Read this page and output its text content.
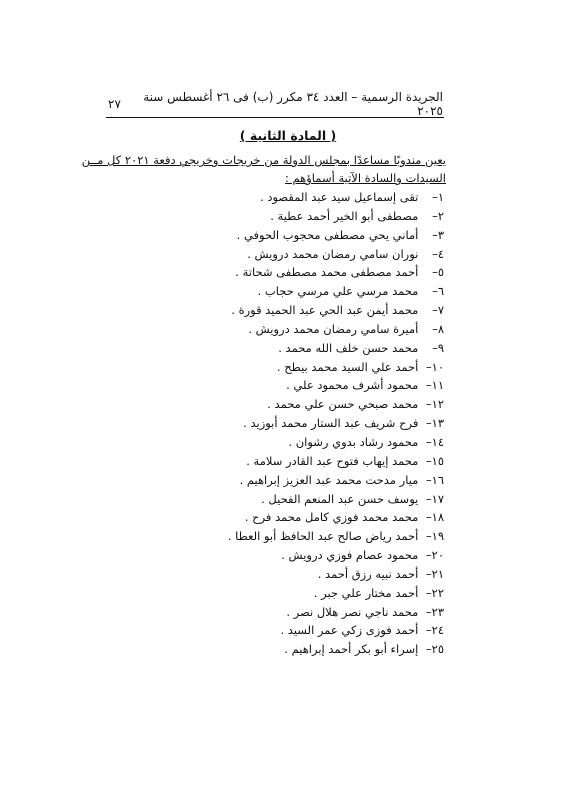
الجريدة الرسمية – العدد ٣٤ مكرر (ب) فى ٢٦ أغسطس سنة ٢٠٢٥
٢٧
( المادة الثانية )
يعين مندوبًا مساعدًا بمجلس الدولة من خريجات وخريجي دفعة ٢٠٢١ كل مــن
السيدات والسادة الآتية أسماؤهم :
١– تقى إسماعيل سيد عبد المقصود .
٢– مصطفى أبو الخير أحمد عطية .
٣– أماني يحي مصطفى محجوب الحوفي .
٤– نوران سامي رمضان محمد درويش .
٥– أحمد مصطفى محمد مصطفى شحاتة .
٦– محمد مرسي علي مرسي حجاب .
٧– محمد أيمن عبد الحي عبد الحميد قورة .
٨– أميرة سامي رمضان محمد درويش .
٩– محمد حسن خلف الله محمد .
١٠– أحمد علي السيد محمد بيطح .
١١– محمود أشرف محمود علي .
١٢– محمد صبحي حسن علي محمد .
١٣– فرح شريف عبد الستار محمد أبوزيد .
١٤– محمود رشاد بدوي رشوان .
١٥– محمد إيهاب فتوح عبد القادر سلامة .
١٦– ميار مدحت محمد عبد العزيز إبراهيم .
١٧– يوسف حسن عبد المنعم الفحيل .
١٨– محمد محمد فوزي كامل محمد فرح .
١٩– أحمد رياض صالح عبد الحافظ أبو العطا .
٢٠– محمود عصام فوزي درويش .
٢١– أحمد نبيه رزق أحمد .
٢٢– أحمد مختار علي جبر .
٢٣– محمد ناجي نصر هلال نصر .
٢٤– أحمد فوزى زكي عمر السيد .
٢٥– إسراء أبو بكر أحمد إبراهيم .
